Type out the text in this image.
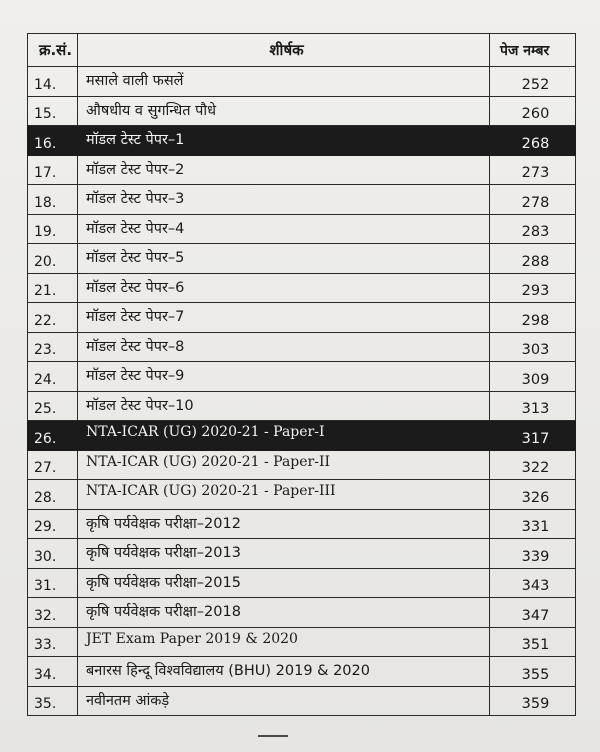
क्र.सं.	शीर्षक	पेज नम्बर
14.	मसाले वाली फसलें	252
15.	औषधीय व सुगन्धित पौधे	260
16.	मॉडल टेस्ट पेपर–1	268
17.	मॉडल टेस्ट पेपर–2	273
18.	मॉडल टेस्ट पेपर–3	278
19.	मॉडल टेस्ट पेपर–4	283
20.	मॉडल टेस्ट पेपर–5	288
21.	मॉडल टेस्ट पेपर–6	293
22.	मॉडल टेस्ट पेपर–7	298
23.	मॉडल टेस्ट पेपर–8	303
24.	मॉडल टेस्ट पेपर–9	309
25.	मॉडल टेस्ट पेपर–10	313
26.	NTA-ICAR (UG) 2020-21 - Paper-I	317
27.	NTA-ICAR (UG) 2020-21 - Paper-II	322
28.	NTA-ICAR (UG) 2020-21 - Paper-III	326
29.	कृषि पर्यवेक्षक परीक्षा–2012	331
30.	कृषि पर्यवेक्षक परीक्षा–2013	339
31.	कृषि पर्यवेक्षक परीक्षा–2015	343
32.	कृषि पर्यवेक्षक परीक्षा–2018	347
33.	JET Exam Paper 2019 & 2020	351
34.	बनारस हिन्दू विश्वविद्यालय (BHU) 2019 & 2020	355
35.	नवीनतम आंकड़े	359
